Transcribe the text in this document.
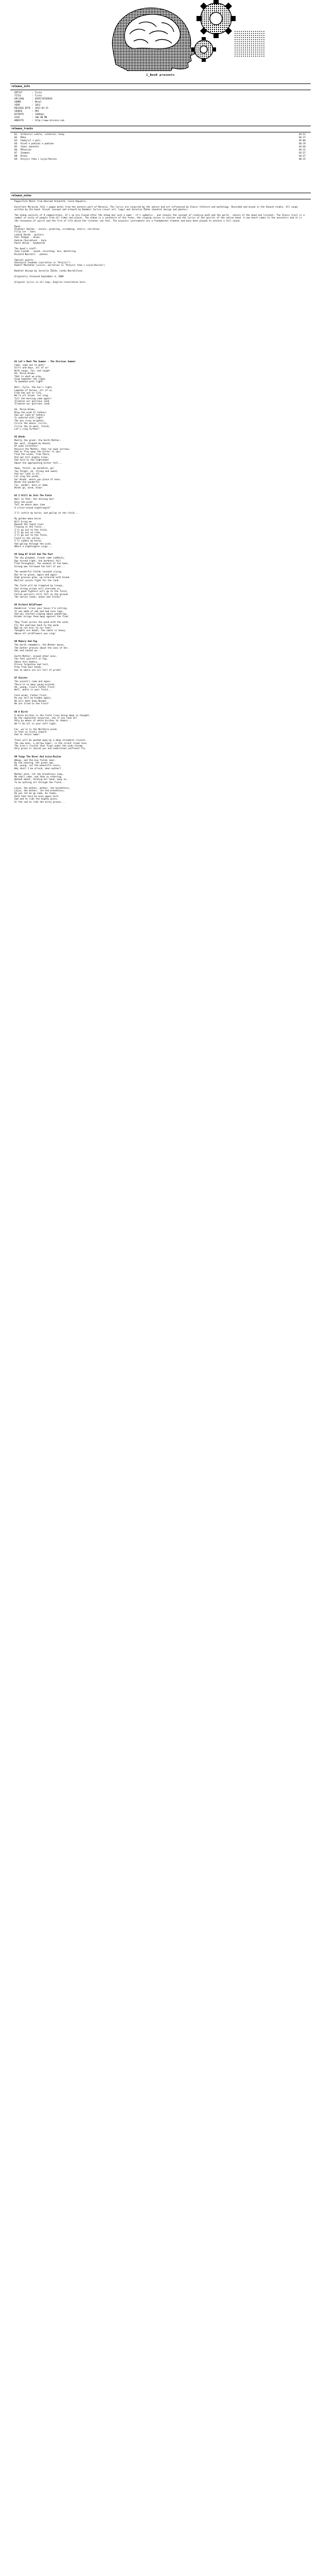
1_BooK presents
release_info
ARTIST	: Čistá
TITLE	: Čistá
UPC/EAN	: 8595178769929
GENRE	: Metal
YEAR	: 2013
RELEASE DATE : 2013-04-15
SOURCE	: MP3
BITRATE	: 320kbps
SIZE	: 106.80 MB
WEBSITE	: http://www.discozo.com
release_tracks
01. Vítězství světla, vítězství lásky	04:52
02. Řeka	03:17
03. Padající z polí	05:06
04. Píseň o podzimí a podzimu	04:19
05. Zimní smuteční	03:46
06. Mlhovina	04:11
07. Znamení	03:57
08. Brána	04:27
09. Hrající řeka i Lojza-Rozina	06:15
release_notes
Pagan/Folk Metal from Uherské Hradiště, Czech Republic.

Excellent Moravian folk + pagan metal from the eastern part of Moravia. The lyrics are inspired by the nature and are influenced by Slavic folklore and mythology. Recorded and mixed in the Shaark studio. All songs written by the band. Visual concept and artwork by Radomír Jurica (cover art, logo) and Jaroslav Žáček (booklet design and photos).

The album consists of 9 compositions. It's an era closed after the album but such a name - it's symbolic - and reveals the concept of creative path and the world - nature of the band and listener. The Slavic trail is a symbol of unity of people from all times and places. The album is a synthesis of the forms, the singing voices in stories and the lyrics of the spirits of the native band. A new heart comes to the ancestors and it is the resonance of spirit and the fire of life which the listener can feel. The acoustic instruments are a fundamental element and have been played to achieve a full sound.

Band:
Vladimír Skalka - vocals, growling, screaming, choirs, narration
Filip Ler - bass
Ludvík Horák - guitars
Petr Štěpán - drums
Andrea Chorvátová - harp
Pavel Holub - keyboards

The band's staff:
Ivan Lipták - sound, recording, mix, mastering
Richard Navrátil - photos

Special guests:
Anastazie Svoboda (narration in "Hrající")
Rudolf Macháček (violin, narration in "Hrající řeka i Lojza-Rozina")

Booklet design by Jaroslav Žáček, Lenka Navrátilová

Originally released September 4, 2009

Original lyrics in all tops, English translation here:
01 Let's Meet The Summer - The Glorious Summer
Come, come out to meet!
Girls and boys, all of us!
With songs, fun, and laugh!
Oh, Perún-Hromo,
That is what we pray,
Sing together the light,
To weekend with light!
Well, Fyrie, the Sun's light,
Legends of heroes, all of us,
From the ash to life,
We're all drunk, let sing,
Till the morning come again!
Illumine our glorious land
Illumine our glorious land!
Oh, Perún-Hromo,
Blow the wind of fathers
And our land of fathers
Is endured with light!
The Sun rises brighter,
Circle the dance, circle,
Circle the to meet, fields,
Let's sing further!
02 Winds
Mostly the great, the Earth Mother,
Her aunt, shipped by beauty
Of wide stretches!
Rejoice the Mother, then run away sorrows,
And to flow away the bitter in you!
Find the winds, from there,
Did not tell mighty trees,
And told to the highlander
About the approaching bitter fall...
Away, forest, my paradise, go!
You forget, oh, strong and sweet,
And our land in all...
Let sing the winds,
Go! Winds, where you place of ease,
Winds the wonderful
Far, wonder, here or home
Winds go, wind, blow!
03 I Still Go Into The Field
Wall to That, the shining Sun!
Only the wind!
Tell me where does time
A silver-mixed night/eagle?
I'll settle my horse, and gallop to the field...
My golden-mane horse
Will bring me
Beyond the rapid river
Flowing in the field...
I'll go out to the field,
I'll go out on ride,
I'll go out to the field,
Field in the valley...
I'll saddle my horse,
And gallop through the wind,
Where a nightingale sings...
04 Song Of Grief And The Past
The sky gleamed, clouds came suddenly,
Day turned light, the darkness fell
Fled throughout, the enemies of the Gods,
Strong man followed the hell of war...
The wonderful fields resound crying,
But he no grave, again and again
High grasses grew, up-coloured with blood,
Martial voices fight for the land.
The field will be trampled by troops,
And strong arrows will overcome us,
Only good fighters will go to the field,
Fallen warriors still fall on the ground.
The native lands, ashes and fields!
05 Orchard Wildflower
Dandelion 'cross your house I'm calling,
It was made of oak and had nine legs,
And was started singing about wandering,
Kinder brings them away against the flow!
They float across the pond with the wind,
Fly the swallows back to the pond,
Now we can kiss to our feet!
Thoughts are doubt, the table is heavy,
Above all wildflowers you sing!
06 Memory And Fog
The Earth remembers, the Mother moves,
The mother presses about the ones of her,
She and cannot we...
Earth Mother, around other ones,
You feel yourself in fog,
Above this memory,
Prince forgotten and lost,
Pray from your hands,
Out to where are all full of pride?
07 Visitor
The wizard's room and again
There're so many young wizards,
Oh, young, rivers Father Frost,
Well, where is your field...
Cold winds, Father Frost,
Do you tell be hidden again,
We will meet Snow Maiden
We are tried to the Frost!
08 A Birch
A white birches in the field rises being deep in thought,
By the neglected resources, she if you look at?
Only by means of white birches to remain...
We'll be all in your soft light.
Far, we're in the Northern winds
Is that so nicely toward
And to return home!
Trees will be washed away by a deep streamlet rivulet,
The new ones, a yellow tower, is the silent cloud rose,
The tree's rivulet that flows under the wide stream,
Only grace is shared yes and understood confluent fly.
09 Twigs The River And Lojza-Rozina
Whoop, and the big fields near,
By the heaving, her green own,
Oh, young, cut the beautiful voice,
Why shall I be afraid, dear mother?
Mother mine, let the breathless snow,
Me shall come, and then as ordering,
Walked about, holding her hand, away so,
To be walking all through the field...
Lojza, the mother, mother, the breathless,
Lojza, the mother, let the breathless,
Do you let me go come, be ready,
Hold that here be mine again here
Sad and to ride the mighty grass,
Or the sad to ride the misty graves...
